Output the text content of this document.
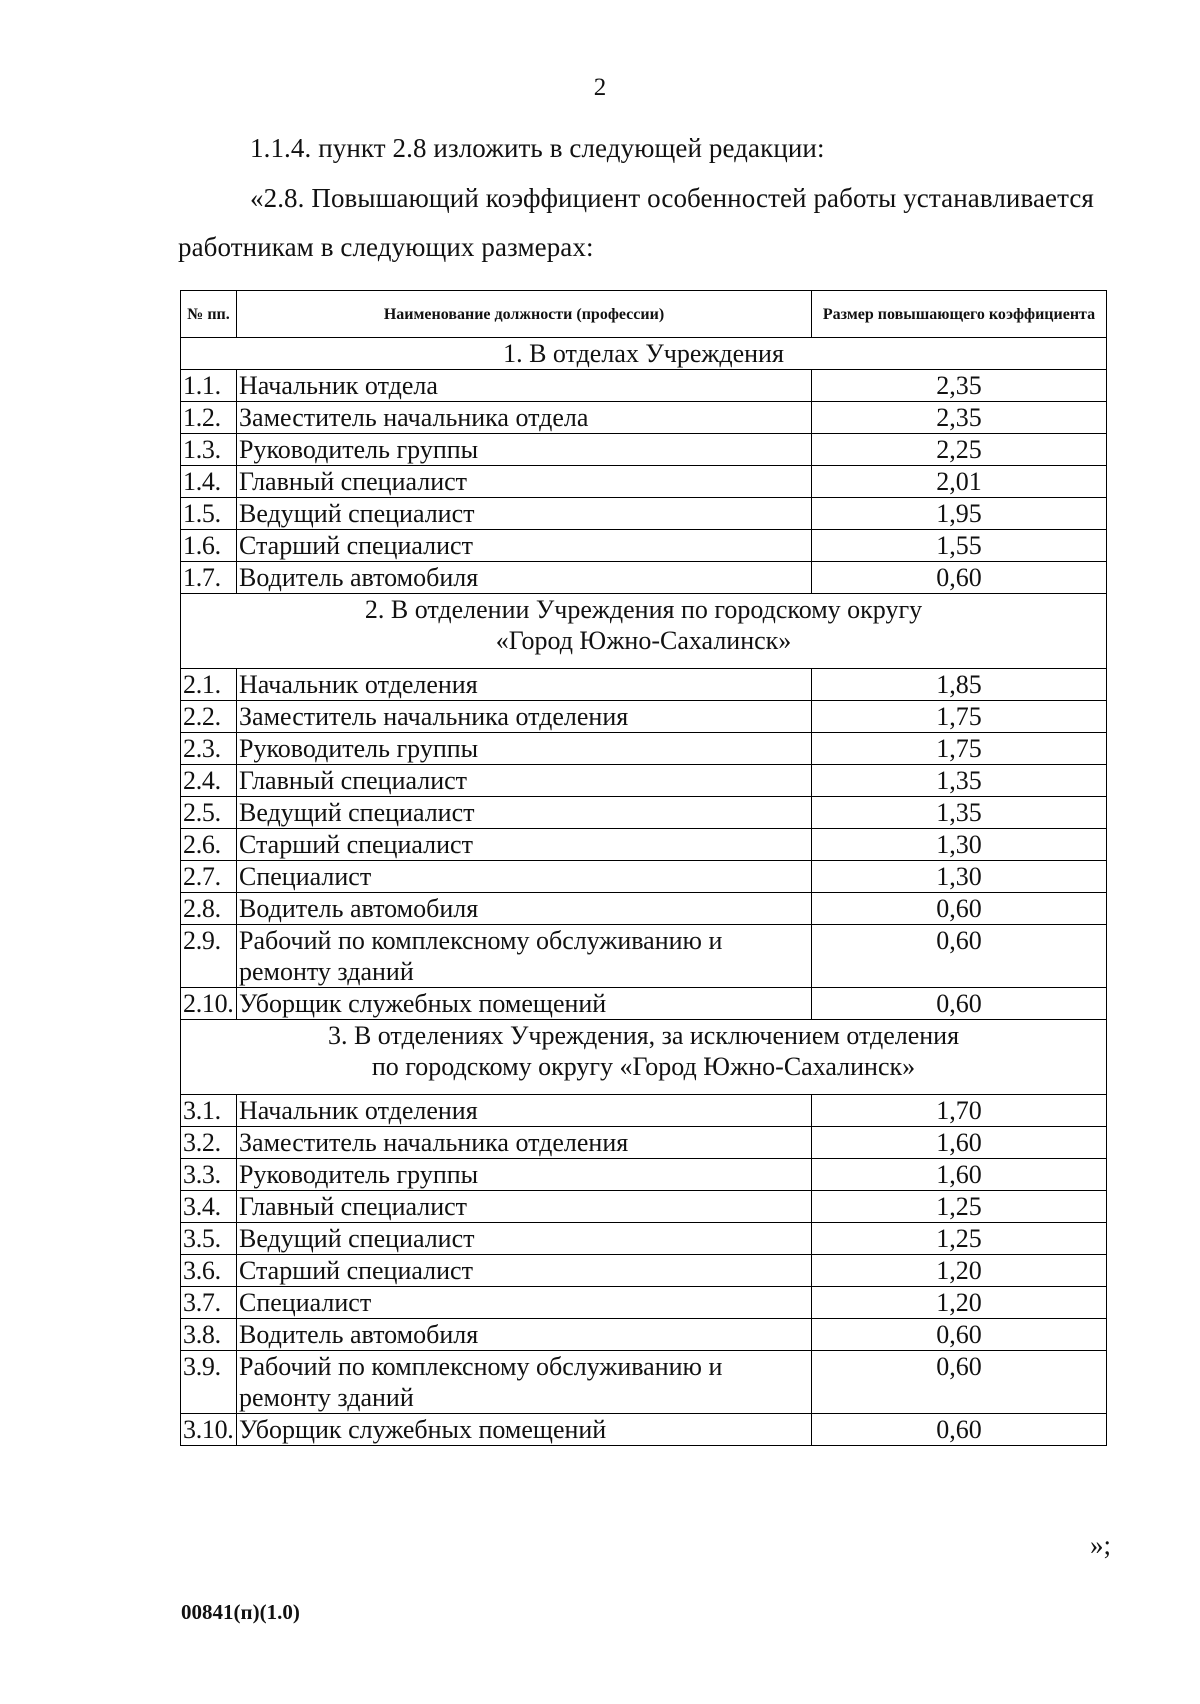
2
1.1.4. пункт 2.8 изложить в следующей редакции:
«2.8. Повышающий коэффициент особенностей работы устанавливается
работникам в следующих размерах:
№ пп.	Наименование должности (профессии)	Размер повышающего коэффициента

1. В отделах Учреждения		

1.1.	Начальник отдела	2,35
1.2.	Заместитель начальника отдела	2,35
1.3.	Руководитель группы	2,25
1.4.	Главный специалист	2,01
1.5.	Ведущий специалист	1,95
1.6.	Старший специалист	1,55
1.7.	Водитель автомобиля	0,60

2. В отделении Учреждения по городскому округу
«Город Южно-Сахалинск»		

2.1.	Начальник отделения	1,85
2.2.	Заместитель начальника отделения	1,75
2.3.	Руководитель группы	1,75
2.4.	Главный специалист	1,35
2.5.	Ведущий специалист	1,35
2.6.	Старший специалист	1,30
2.7.	Специалист	1,30
2.8.	Водитель автомобиля	0,60
2.9.	Рабочий по комплексному обслуживанию и ремонту зданий	0,60
2.10.	Уборщик служебных помещений	0,60

3. В отделениях Учреждения, за исключением отделения
по городскому округу «Город Южно-Сахалинск»		

3.1.	Начальник отделения	1,70
3.2.	Заместитель начальника отделения	1,60
3.3.	Руководитель группы	1,60
3.4.	Главный специалист	1,25
3.5.	Ведущий специалист	1,25
3.6.	Старший специалист	1,20
3.7.	Специалист	1,20
3.8.	Водитель автомобиля	0,60
3.9.	Рабочий по комплексному обслуживанию и ремонту зданий	0,60
3.10.	Уборщик служебных помещений	0,60
»;
00841(п)(1.0)
